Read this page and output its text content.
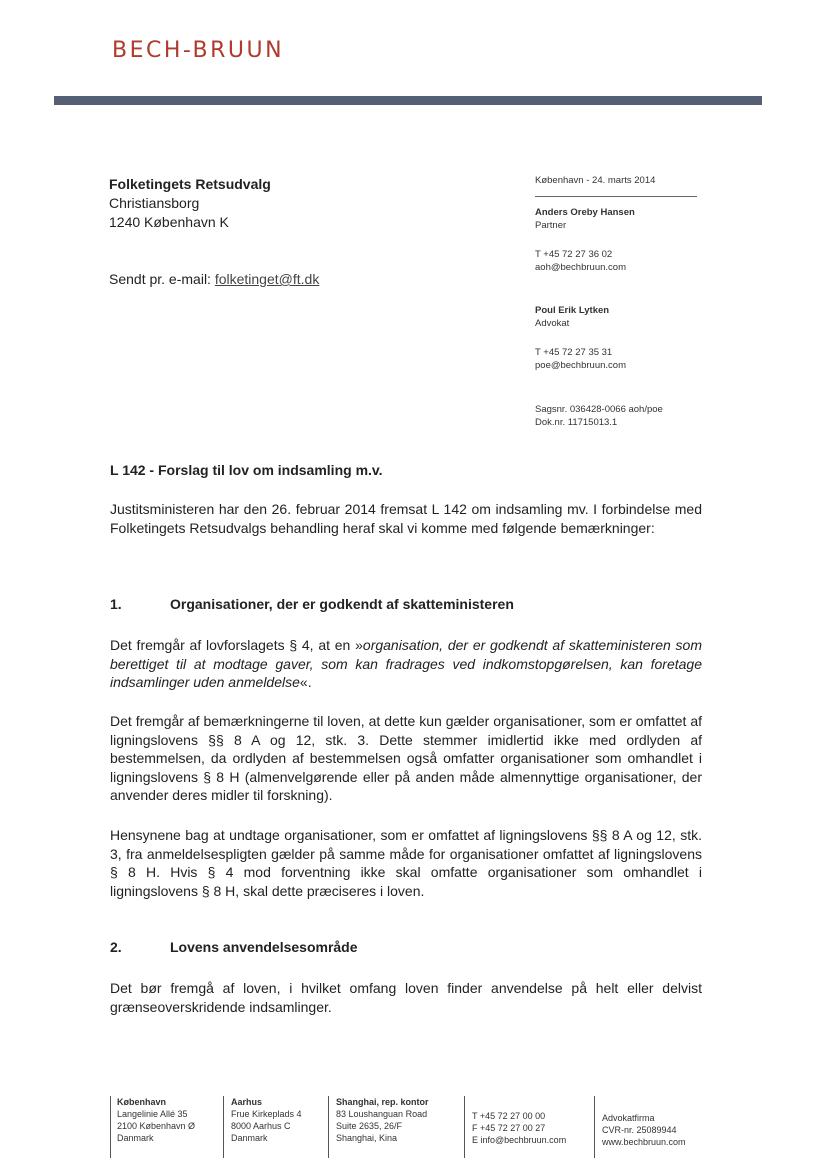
BECH-BRUUN
Folketingets Retsudvalg
Christiansborg
1240 København K
Sendt pr. e-mail: folketinget@ft.dk
København - 24. marts 2014
Anders Oreby Hansen
Partner
T +45 72 27 36 02
aoh@bechbruun.com
Poul Erik Lytken
Advokat
T +45 72 27 35 31
poe@bechbruun.com
Sagsnr. 036428-0066 aoh/poe
Dok.nr. 11715013.1
L 142 - Forslag til lov om indsamling m.v.
Justitsministeren har den 26. februar 2014 fremsat L 142 om indsamling mv. I forbindelse med Folketingets Retsudvalgs behandling heraf skal vi komme med følgende bemærkninger:
1.	Organisationer, der er godkendt af skatteministeren
Det fremgår af lovforslagets § 4, at en »organisation, der er godkendt af skatteministeren som berettiget til at modtage gaver, som kan fradrages ved indkomstopgørelsen, kan foretage indsamlinger uden anmeldelse«.
Det fremgår af bemærkningerne til loven, at dette kun gælder organisationer, som er omfattet af ligningslovens §§ 8 A og 12, stk. 3. Dette stemmer imidlertid ikke med ordlyden af bestemmelsen, da ordlyden af bestemmelsen også omfatter organisationer som omhandlet i ligningslovens § 8 H (almenvelgørende eller på anden måde almennyttige organisationer, der anvender deres midler til forskning).
Hensynene bag at undtage organisationer, som er omfattet af ligningslovens §§ 8 A og 12, stk. 3, fra anmeldelsespligten gælder på samme måde for organisationer omfattet af ligningslovens § 8 H. Hvis § 4 mod forventning ikke skal omfatte organisationer som omhandlet i ligningslovens § 8 H, skal dette præciseres i loven.
2.	Lovens anvendelsesområde
Det bør fremgå af loven, i hvilket omfang loven finder anvendelse på helt eller delvist grænseoverskridende indsamlinger.
København
Langelinie Allé 35
2100 København Ø
Danmark
Aarhus
Frue Kirkeplads 4
8000 Aarhus C
Danmark
Shanghai, rep. kontor
83 Loushanguan Road
Suite 2635, 26/F
Shanghai, Kina
T +45 72 27 00 00
F +45 72 27 00 27
E info@bechbruun.com
Advokatfirma
CVR-nr. 25089944
www.bechbruun.com
